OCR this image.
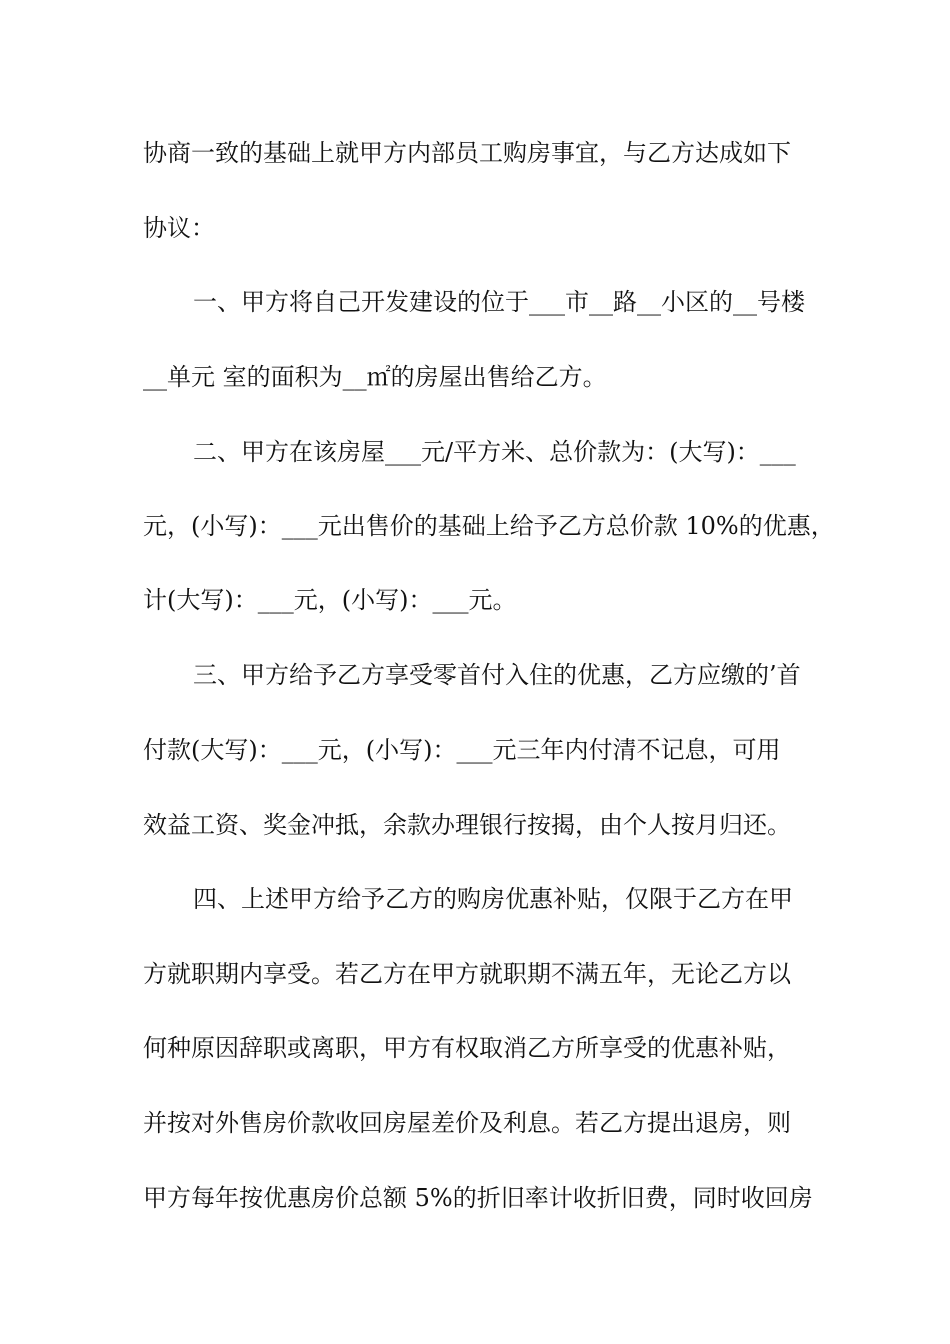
协商一致的基础上就甲方内部员工购房事宜，与乙方达成如下

协议：

一、甲方将自己开发建设的位于___市__路__小区的__号楼

__单元 室的面积为__㎡的房屋出售给乙方。

二、甲方在该房屋___元/平方米、总价款为：(大写)：___

元，(小写)：___元出售价的基础上给予乙方总价款 10%的优惠，

计(大写)：___元，(小写)：___元。

三、甲方给予乙方享受零首付入住的优惠，乙方应缴的’首

付款(大写)：___元，(小写)：___元三年内付清不记息，可用

效益工资、奖金冲抵，余款办理银行按揭，由个人按月归还。

四、上述甲方给予乙方的购房优惠补贴，仅限于乙方在甲

方就职期内享受。若乙方在甲方就职期不满五年，无论乙方以

何种原因辞职或离职，甲方有权取消乙方所享受的优惠补贴，

并按对外售房价款收回房屋差价及利息。若乙方提出退房，则

甲方每年按优惠房价总额 5%的折旧率计收折旧费，同时收回房
